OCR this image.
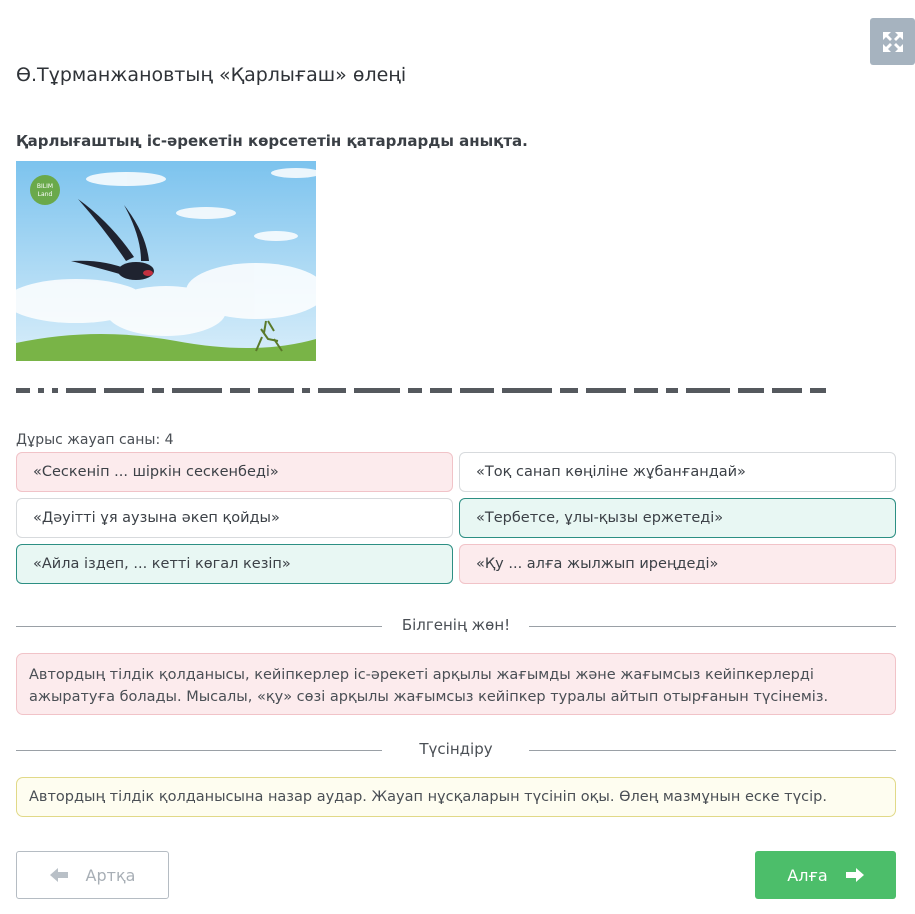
Ө.Тұрманжановтың «Қарлығаш» өлеңі

Қарлығаштың іс-әрекетін көрсететін қатарларды анықта.

BILIM
Land
Дұрыс жауап саны: 4
«Сескеніп ... шіркін сескенбеді»	«Тоқ санап көңіліне жұбанғандай»
«Дәуітті ұя аузына әкеп қойды»	«Тербетсе, ұлы-қызы ержетеді»
«Айла іздеп, ... кетті көгал кезіп»	«Қу ... алға жылжып иреңдеді»
Білгенің жөн!
Автордың тілдік қолданысы, кейіпкерлер іс-әрекеті арқылы жағымды және жағымсыз кейіпкерлерді ажыратуға болады. Мысалы, «қу» сөзі арқылы жағымсыз кейіпкер туралы айтып отырғанын түсінеміз.
Түсіндіру
Автордың тілдік қолданысына назар аудар. Жауап нұсқаларын түсініп оқы. Өлең мазмұнын еске түсір.
Артқа	Алға
